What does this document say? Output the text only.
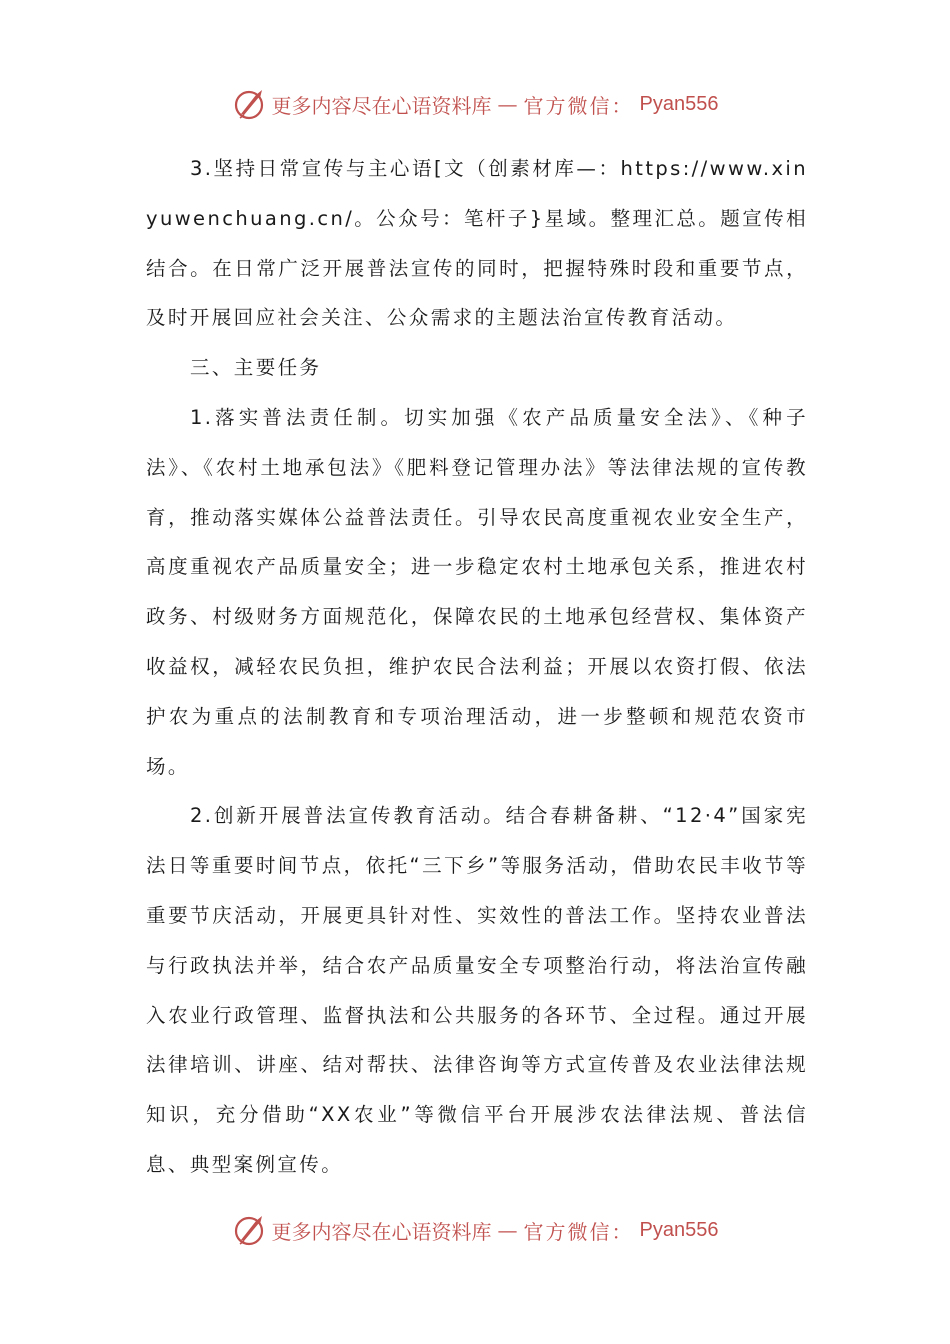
更多内容尽在心语资料库 — 官方微信： Pyan556

3.坚持日常宣传与主心语[文（创素材库—：https://www.xinyuwenchuang.cn/。公众号：笔杆子}星域。整理汇总。题宣传相结合。在日常广泛开展普法宣传的同时，把握特殊时段和重要节点，及时开展回应社会关注、公众需求的主题法治宣传教育活动。

三、主要任务

1.落实普法责任制。切实加强《农产品质量安全法》、《种子法》、《农村土地承包法》《肥料登记管理办法》等法律法规的宣传教育，推动落实媒体公益普法责任。引导农民高度重视农业安全生产，高度重视农产品质量安全；进一步稳定农村土地承包关系，推进农村政务、村级财务方面规范化，保障农民的土地承包经营权、集体资产收益权，减轻农民负担，维护农民合法利益；开展以农资打假、依法护农为重点的法制教育和专项治理活动，进一步整顿和规范农资市场。

2.创新开展普法宣传教育活动。结合春耕备耕、“12·4”国家宪法日等重要时间节点，依托“三下乡”等服务活动，借助农民丰收节等重要节庆活动，开展更具针对性、实效性的普法工作。坚持农业普法与行政执法并举，结合农产品质量安全专项整治行动，将法治宣传融入农业行政管理、监督执法和公共服务的各环节、全过程。通过开展法律培训、讲座、结对帮扶、法律咨询等方式宣传普及农业法律法规知识，充分借助“XX农业”等微信平台开展涉农法律法规、普法信息、典型案例宣传。

更多内容尽在心语资料库 — 官方微信： Pyan556
